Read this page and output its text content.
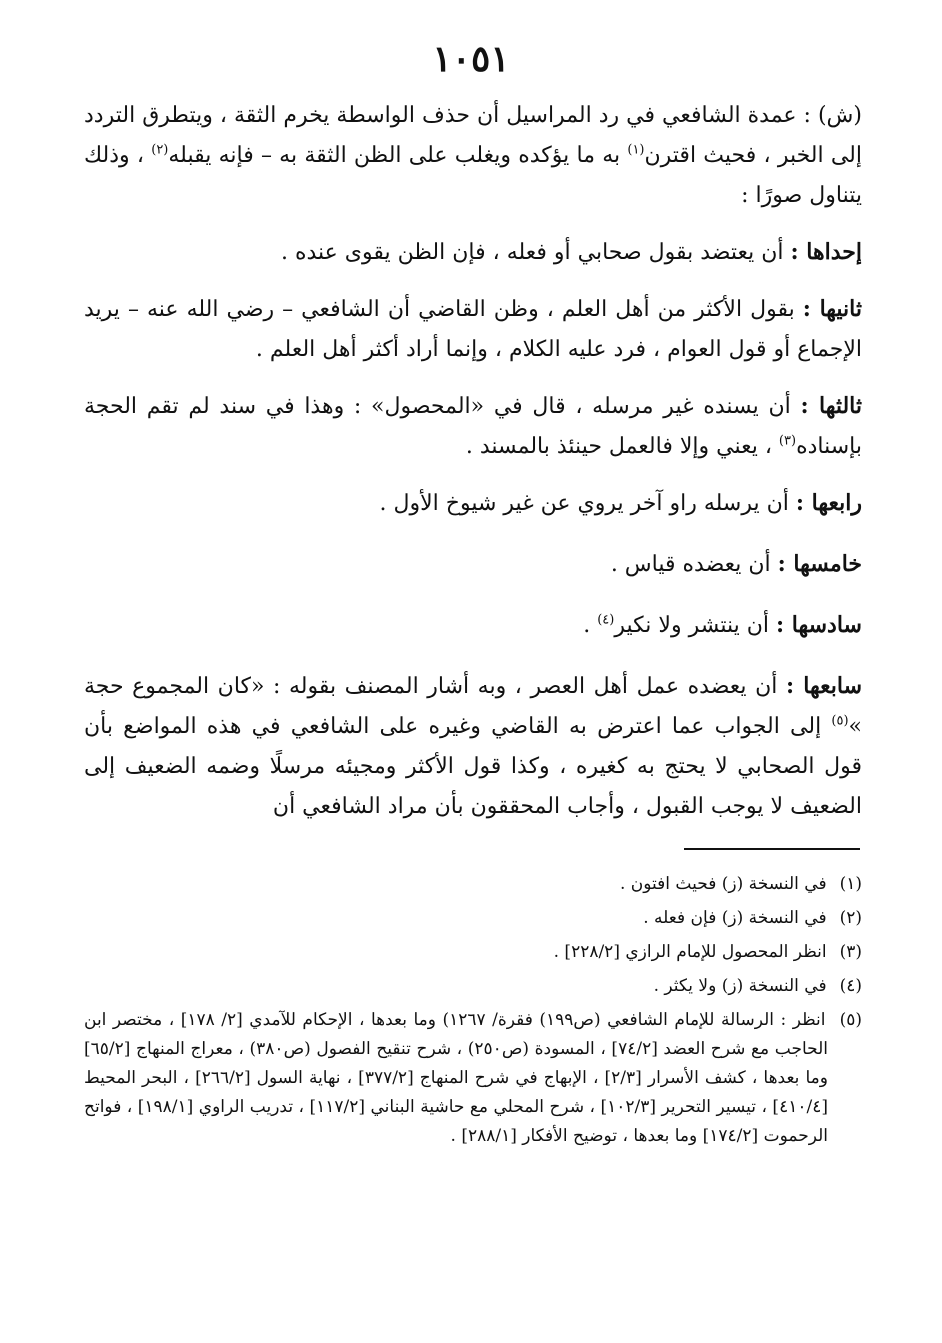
١٠٥١

(ش) : عمدة الشافعي في رد المراسيل أن حذف الواسطة يخرم الثقة ، ويتطرق التردد إلى الخبر ، فحيث اقترن$^{(١)}$ به ما يؤكده ويغلب على الظن الثقة به – فإنه يقبله$^{(٢)}$ ، وذلك يتناول صورًا :

إحداها : أن يعتضد بقول صحابي أو فعله ، فإن الظن يقوى عنده .

ثانيها : بقول الأكثر من أهل العلم ، وظن القاضي أن الشافعي – رضي الله عنه – يريد الإجماع أو قول العوام ، فرد عليه الكلام ، وإنما أراد أكثر أهل العلم .

ثالثها : أن يسنده غير مرسله ، قال في «المحصول» : وهذا في سند لم تقم الحجة بإسناده$^{(٣)}$ ، يعني وإلا فالعمل حينئذ بالمسند .

رابعها : أن يرسله راو آخر يروي عن غير شيوخ الأول .

خامسها : أن يعضده قياس .

سادسها : أن ينتشر ولا نكير$^{(٤)}$ .

سابعها : أن يعضده عمل أهل العصر ، وبه أشار المصنف بقوله : «كان المجموع حجة »$^{(٥)}$ إلى الجواب عما اعترض به القاضي وغيره على الشافعي في هذه المواضع بأن قول الصحابي لا يحتج به كغيره ، وكذا قول الأكثر ومجيئه مرسلًا وضمه الضعيف إلى الضعيف لا يوجب القبول ، وأجاب المحققون بأن مراد الشافعي أن

(١) في النسخة (ز) فحيث افتون .

(٢) في النسخة (ز) فإن فعله .

(٣) انظر المحصول للإمام الرازي [٢٢٨/٢] .

(٤) في النسخة (ز) ولا يكثر .

(٥) انظر : الرسالة للإمام الشافعي (ص١٩٩) فقرة/ ١٢٦٧) وما بعدها ، الإحكام للآمدي [٢/ ١٧٨] ، مختصر ابن الحاجب مع شرح العضد [٧٤/٢] ، المسودة (ص٢٥٠) ، شرح تنقيح الفصول (ص٣٨٠) ، معراج المنهاج [٦٥/٢] وما بعدها ، كشف الأسرار [٢/٣] ، الإبهاج في شرح المنهاج [٣٧٧/٢] ، نهاية السول [٢٦٦/٢] ، البحر المحيط [٤١٠/٤] ، تيسير التحرير [١٠٢/٣] ، شرح المحلي مع حاشية البناني [١١٧/٢] ، تدريب الراوي [١٩٨/١] ، فواتح الرحموت [١٧٤/٢] وما بعدها ، توضيح الأفكار [٢٨٨/١] .
